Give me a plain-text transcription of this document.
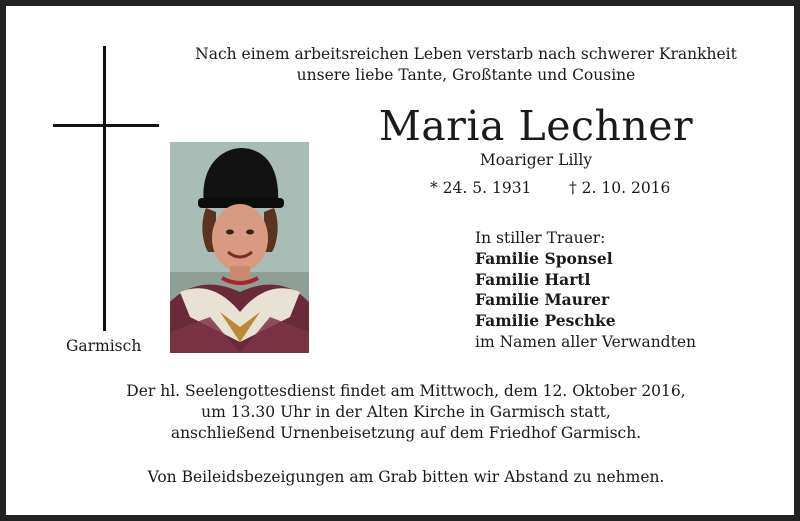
Nach einem arbeitsreichen Leben verstarb nach schwerer Krankheit
unsere liebe Tante, Großtante und Cousine
Garmisch
Maria Lechner
Moariger Lilly
* 24. 5. 1931 † 2. 10. 2016
In stiller Trauer:
Familie Sponsel
Familie Hartl
Familie Maurer
Familie Peschke
im Namen aller Verwandten
Der hl. Seelengottesdienst findet am Mittwoch, dem 12. Oktober 2016,
um 13.30 Uhr in der Alten Kirche in Garmisch statt,
anschließend Urnenbeisetzung auf dem Friedhof Garmisch.
Von Beileidsbezeigungen am Grab bitten wir Abstand zu nehmen.
